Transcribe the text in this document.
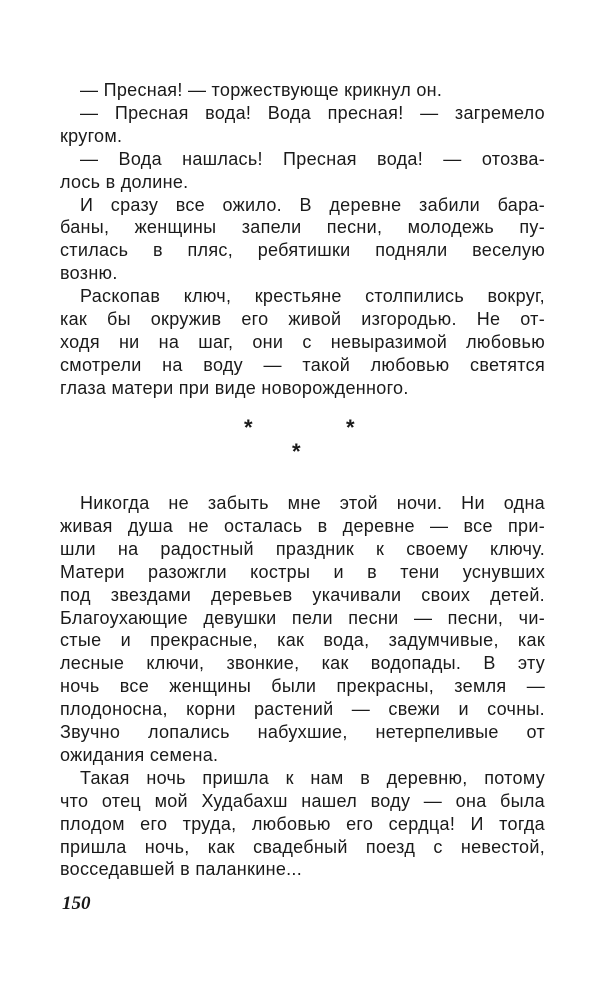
— Пресная! — торжествующе крикнул он.
— Пресная вода! Вода пресная! — загремело
кругом.
— Вода нашлась! Пресная вода! — отозва-
лось в долине.
И сразу все ожило. В деревне забили бара-
баны, женщины запели песни, молодежь пу-
стилась в пляс, ребятишки подняли веселую
возню.
Раскопав ключ, крестьяне столпились вокруг,
как бы окружив его живой изгородью. Не от-
ходя ни на шаг, они с невыразимой любовью
смотрели на воду — такой любовью светятся
глаза матери при виде новорожденного.
*	*
*
Никогда не забыть мне этой ночи. Ни одна
живая душа не осталась в деревне — все при-
шли на радостный праздник к своему ключу.
Матери разожгли костры и в тени уснувших
под звездами деревьев укачивали своих детей.
Благоухающие девушки пели песни — песни, чи-
стые и прекрасные, как вода, задумчивые, как
лесные ключи, звонкие, как водопады. В эту
ночь все женщины были прекрасны, земля —
плодоносна, корни растений — свежи и сочны.
Звучно лопались набухшие, нетерпеливые от
ожидания семена.
Такая ночь пришла к нам в деревню, потому
что отец мой Худабахш нашел воду — она была
плодом его труда, любовью его сердца! И тогда
пришла ночь, как свадебный поезд с невестой,
восседавшей в паланкине...
150
